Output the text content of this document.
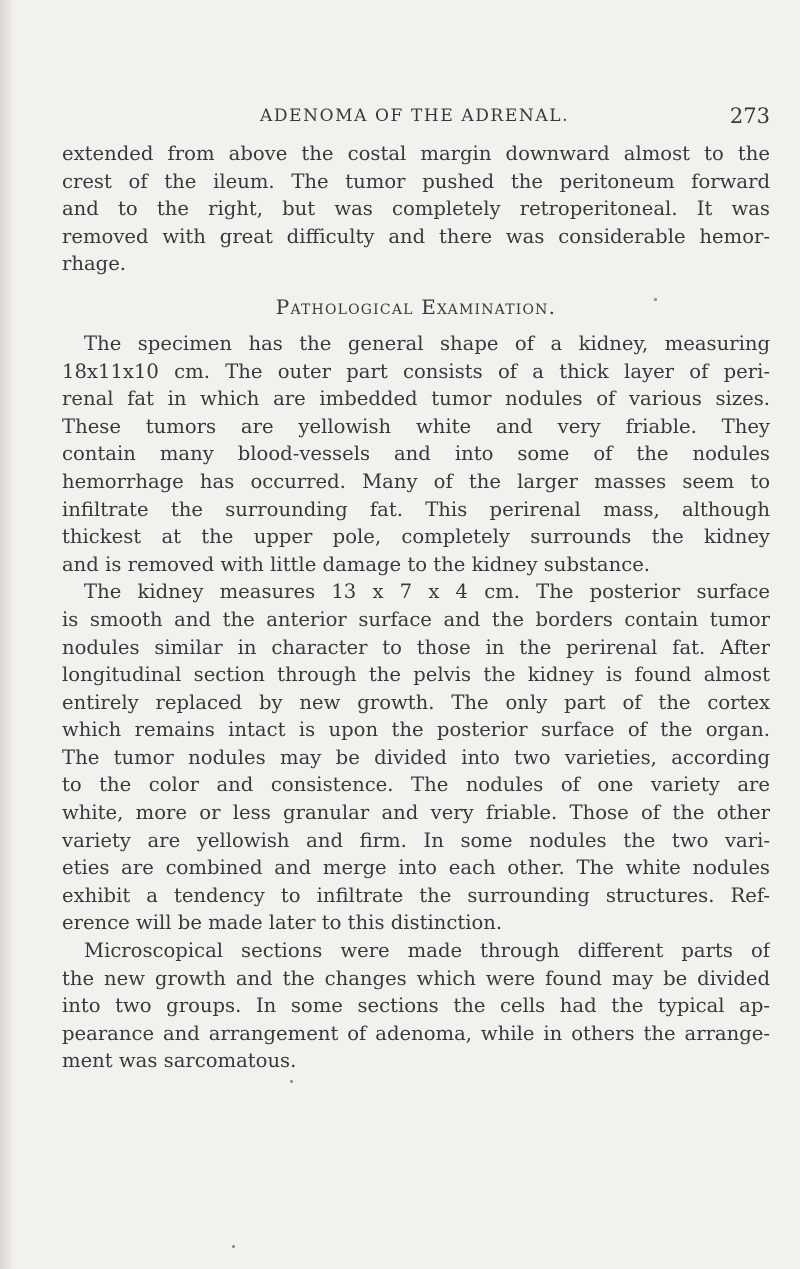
ADENOMA OF THE ADRENAL.	273
extended from above the costal margin downward almost to the
crest of the ileum. The tumor pushed the peritoneum forward
and to the right, but was completely retroperitoneal. It was
removed with great difficulty and there was considerable hemor-
rhage.
Pathological Examination.
The specimen has the general shape of a kidney, measuring
18x11x10 cm. The outer part consists of a thick layer of peri-
renal fat in which are imbedded tumor nodules of various sizes.
These tumors are yellowish white and very friable. They
contain many blood-vessels and into some of the nodules
hemorrhage has occurred. Many of the larger masses seem to
infiltrate the surrounding fat. This perirenal mass, although
thickest at the upper pole, completely surrounds the kidney
and is removed with little damage to the kidney substance.
The kidney measures 13 x 7 x 4 cm. The posterior surface
is smooth and the anterior surface and the borders contain tumor
nodules similar in character to those in the perirenal fat. After
longitudinal section through the pelvis the kidney is found almost
entirely replaced by new growth. The only part of the cortex
which remains intact is upon the posterior surface of the organ.
The tumor nodules may be divided into two varieties, according
to the color and consistence. The nodules of one variety are
white, more or less granular and very friable. Those of the other
variety are yellowish and firm. In some nodules the two vari-
eties are combined and merge into each other. The white nodules
exhibit a tendency to infiltrate the surrounding structures. Ref-
erence will be made later to this distinction.
Microscopical sections were made through different parts of
the new growth and the changes which were found may be divided
into two groups. In some sections the cells had the typical ap-
pearance and arrangement of adenoma, while in others the arrange-
ment was sarcomatous.
